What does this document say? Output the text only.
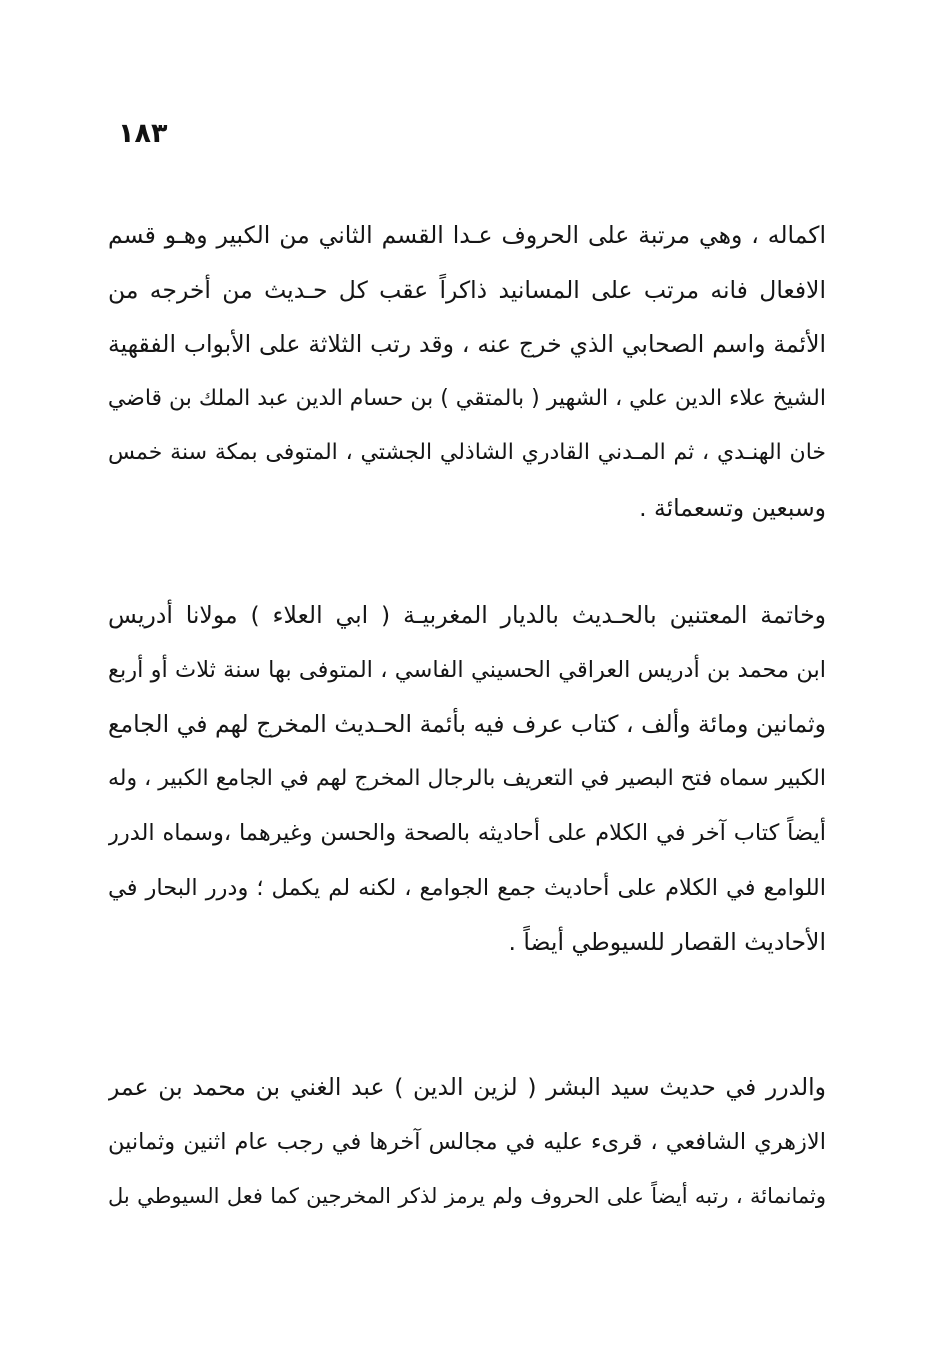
١٨٣
اكماله ، وهي مرتبة على الحروف عـدا القسم الثاني من الكبير وهـو قسم
الافعال فانه مرتب على المسانيد ذاكراً عقب كل حـديث من أخرجه من
الأئمة واسم الصحابي الذي خرج عنه ، وقد رتب الثلاثة على الأبواب الفقهية
الشيخ علاء الدين علي ، الشهير ( بالمتقي ) بن حسام الدين عبد الملك بن قاضي
خان الهنـدي ، ثم المـدني القادري الشاذلي الجشتي ، المتوفى بمكة سنة خمس
وسبعين وتسعمائة .
وخاتمة المعتنين بالحـديث بالديار المغربيـة ( ابي العلاء ) مولانا أدريس
ابن محمد بن أدريس العراقي الحسيني الفاسي ، المتوفى بها سنة ثلاث أو أربع
وثمانين ومائة وألف ، كتاب عرف فيه بأئمة الحـديث المخرج لهم في الجامع
الكبير سماه فتح البصير في التعريف بالرجال المخرج لهم في الجامع الكبير ، وله
أيضاً كتاب آخر في الكلام على أحاديثه بالصحة والحسن وغيرهما ،وسماه الدرر
اللوامع في الكلام على أحاديث جمع الجوامع ، لكنه لم يكمل ؛ ودرر البحار في
الأحاديث القصار للسيوطي أيضاً .
والدرر في حديث سيد البشر ( لزين الدين ) عبد الغني بن محمد بن عمر
الازهري الشافعي ، قرىء عليه في مجالس آخرها في رجب عام اثنين وثمانين
وثمانمائة ، رتبه أيضاً على الحروف ولم يرمز لذكر المخرجين كما فعل السيوطي بل
